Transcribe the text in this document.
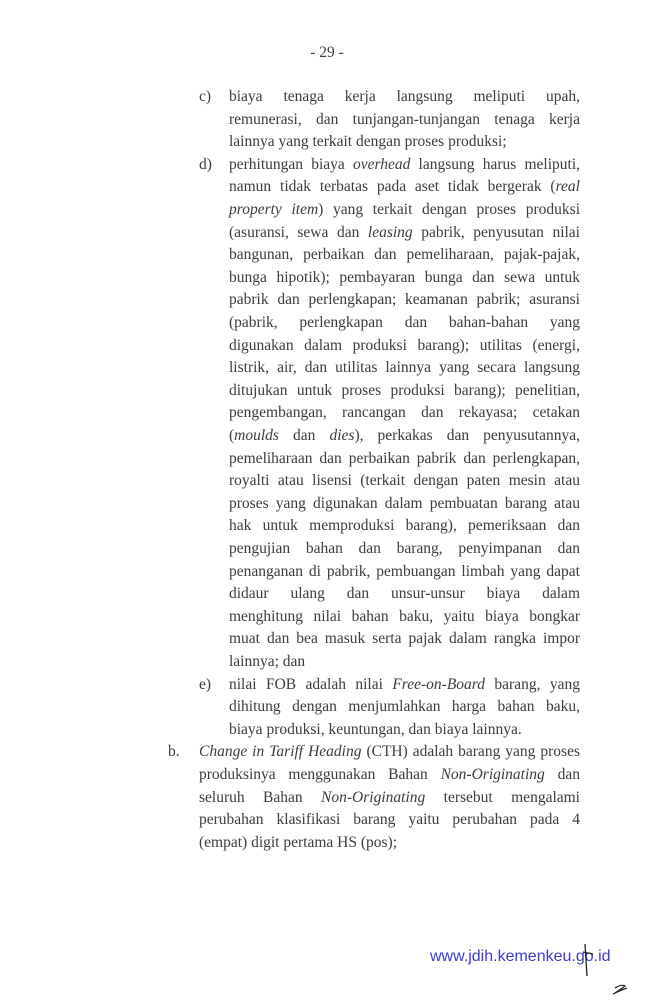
- 29 -
c) biaya tenaga kerja langsung meliputi upah,
remunerasi, dan tunjangan-tunjangan tenaga kerja
lainnya yang terkait dengan proses produksi;
d) perhitungan biaya overhead langsung harus meliputi,
namun tidak terbatas pada aset tidak bergerak (real
property item) yang terkait dengan proses produksi
(asuransi, sewa dan leasing pabrik, penyusutan nilai
bangunan, perbaikan dan pemeliharaan, pajak-pajak,
bunga hipotik); pembayaran bunga dan sewa untuk
pabrik dan perlengkapan; keamanan pabrik; asuransi
(pabrik, perlengkapan dan bahan-bahan yang
digunakan dalam produksi barang); utilitas (energi,
listrik, air, dan utilitas lainnya yang secara langsung
ditujukan untuk proses produksi barang); penelitian,
pengembangan, rancangan dan rekayasa; cetakan
(moulds dan dies), perkakas dan penyusutannya,
pemeliharaan dan perbaikan pabrik dan perlengkapan,
royalti atau lisensi (terkait dengan paten mesin atau
proses yang digunakan dalam pembuatan barang atau
hak untuk memproduksi barang), pemeriksaan dan
pengujian bahan dan barang, penyimpanan dan
penanganan di pabrik, pembuangan limbah yang dapat
didaur ulang dan unsur-unsur biaya dalam
menghitung nilai bahan baku, yaitu biaya bongkar
muat dan bea masuk serta pajak dalam rangka impor
lainnya; dan
e) nilai FOB adalah nilai Free-on-Board barang, yang
dihitung dengan menjumlahkan harga bahan baku,
biaya produksi, keuntungan, dan biaya lainnya.
b. Change in Tariff Heading (CTH) adalah barang yang proses
produksinya menggunakan Bahan Non-Originating dan
seluruh Bahan Non-Originating tersebut mengalami
perubahan klasifikasi barang yaitu perubahan pada 4
(empat) digit pertama HS (pos);
www.jdih.kemenkeu.go.id
